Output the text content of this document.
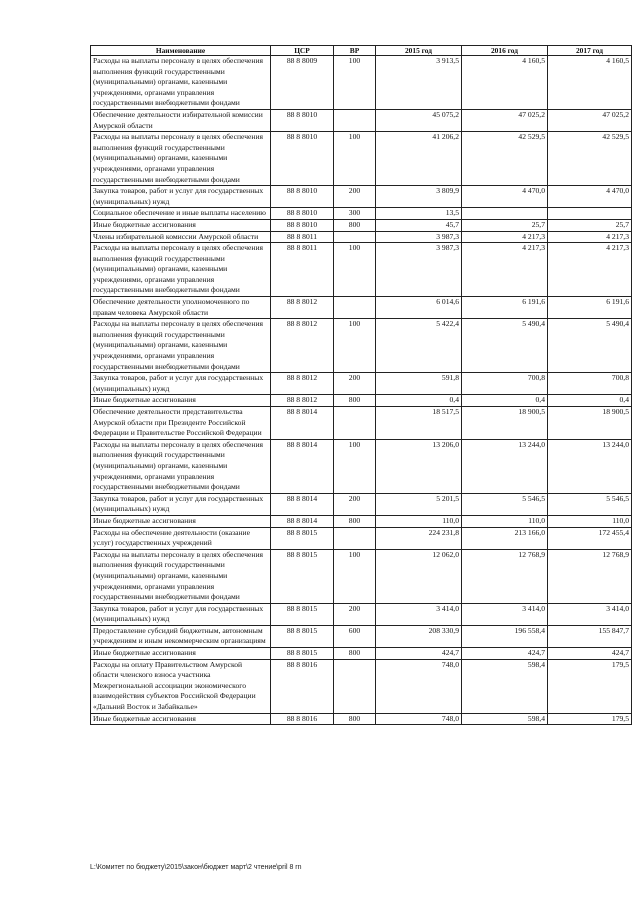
Наименование	ЦСР	ВР	2015 год	2016 год	2017 год
Расходы на выплаты персоналу в целях обеспечения выполнения функций государственными (муниципальными) органами, казенными учреждениями, органами управления государственными внебюджетными фондами	88 8 8009	100	3 913,5	4 160,5	4 160,5
Обеспечение деятельности избирательной комиссии Амурской области	88 8 8010		45 075,2	47 025,2	47 025,2
Расходы на выплаты персоналу в целях обеспечения выполнения функций государственными (муниципальными) органами, казенными учреждениями, органами управления государственными внебюджетными фондами	88 8 8010	100	41 206,2	42 529,5	42 529,5
Закупка товаров, работ и услуг для государственных (муниципальных) нужд	88 8 8010	200	3 809,9	4 470,0	4 470,0
Социальное обеспечение и иные выплаты населению	88 8 8010	300	13,5		
Иные бюджетные ассигнования	88 8 8010	800	45,7	25,7	25,7
Члены избирательной комиссии Амурской области	88 8 8011		3 987,3	4 217,3	4 217,3
Расходы на выплаты персоналу в целях обеспечения выполнения функций государственными (муниципальными) органами, казенными учреждениями, органами управления государственными внебюджетными фондами	88 8 8011	100	3 987,3	4 217,3	4 217,3
Обеспечение деятельности уполномоченного по правам человека Амурской области	88 8 8012		6 014,6	6 191,6	6 191,6
Расходы на выплаты персоналу в целях обеспечения выполнения функций государственными (муниципальными) органами, казенными учреждениями, органами управления государственными внебюджетными фондами	88 8 8012	100	5 422,4	5 490,4	5 490,4
Закупка товаров, работ и услуг для государственных (муниципальных) нужд	88 8 8012	200	591,8	700,8	700,8
Иные бюджетные ассигнования	88 8 8012	800	0,4	0,4	0,4
Обеспечение деятельности представительства Амурской области при Президенте Российской Федерации и Правительстве Российской Федерации	88 8 8014		18 517,5	18 900,5	18 900,5
Расходы на выплаты персоналу в целях обеспечения выполнения функций государственными (муниципальными) органами, казенными учреждениями, органами управления государственными внебюджетными фондами	88 8 8014	100	13 206,0	13 244,0	13 244,0
Закупка товаров, работ и услуг для государственных (муниципальных) нужд	88 8 8014	200	5 201,5	5 546,5	5 546,5
Иные бюджетные ассигнования	88 8 8014	800	110,0	110,0	110,0
Расходы на обеспечение деятельности (оказание услуг) государственных учреждений	88 8 8015		224 231,8	213 166,0	172 455,4
Расходы на выплаты персоналу в целях обеспечения выполнения функций государственными (муниципальными) органами, казенными учреждениями, органами управления государственными внебюджетными фондами	88 8 8015	100	12 062,0	12 768,9	12 768,9
Закупка товаров, работ и услуг для государственных (муниципальных) нужд	88 8 8015	200	3 414,0	3 414,0	3 414,0
Предоставление субсидий бюджетным, автономным учреждениям и иным некоммерческим организациям	88 8 8015	600	208 330,9	196 558,4	155 847,7
Иные бюджетные ассигнования	88 8 8015	800	424,7	424,7	424,7
Расходы на оплату Правительством Амурской области членского взноса участника Межрегиональной ассоциации экономического взаимодействия субъектов Российской Федерации «Дальний Восток и Забайкалье»	88 8 8016		748,0	598,4	179,5
Иные бюджетные ассигнования	88 8 8016	800	748,0	598,4	179,5
L:\Комитет по бюджету\2015\закон\бюджет март\2 чтение\pril 8 rn
